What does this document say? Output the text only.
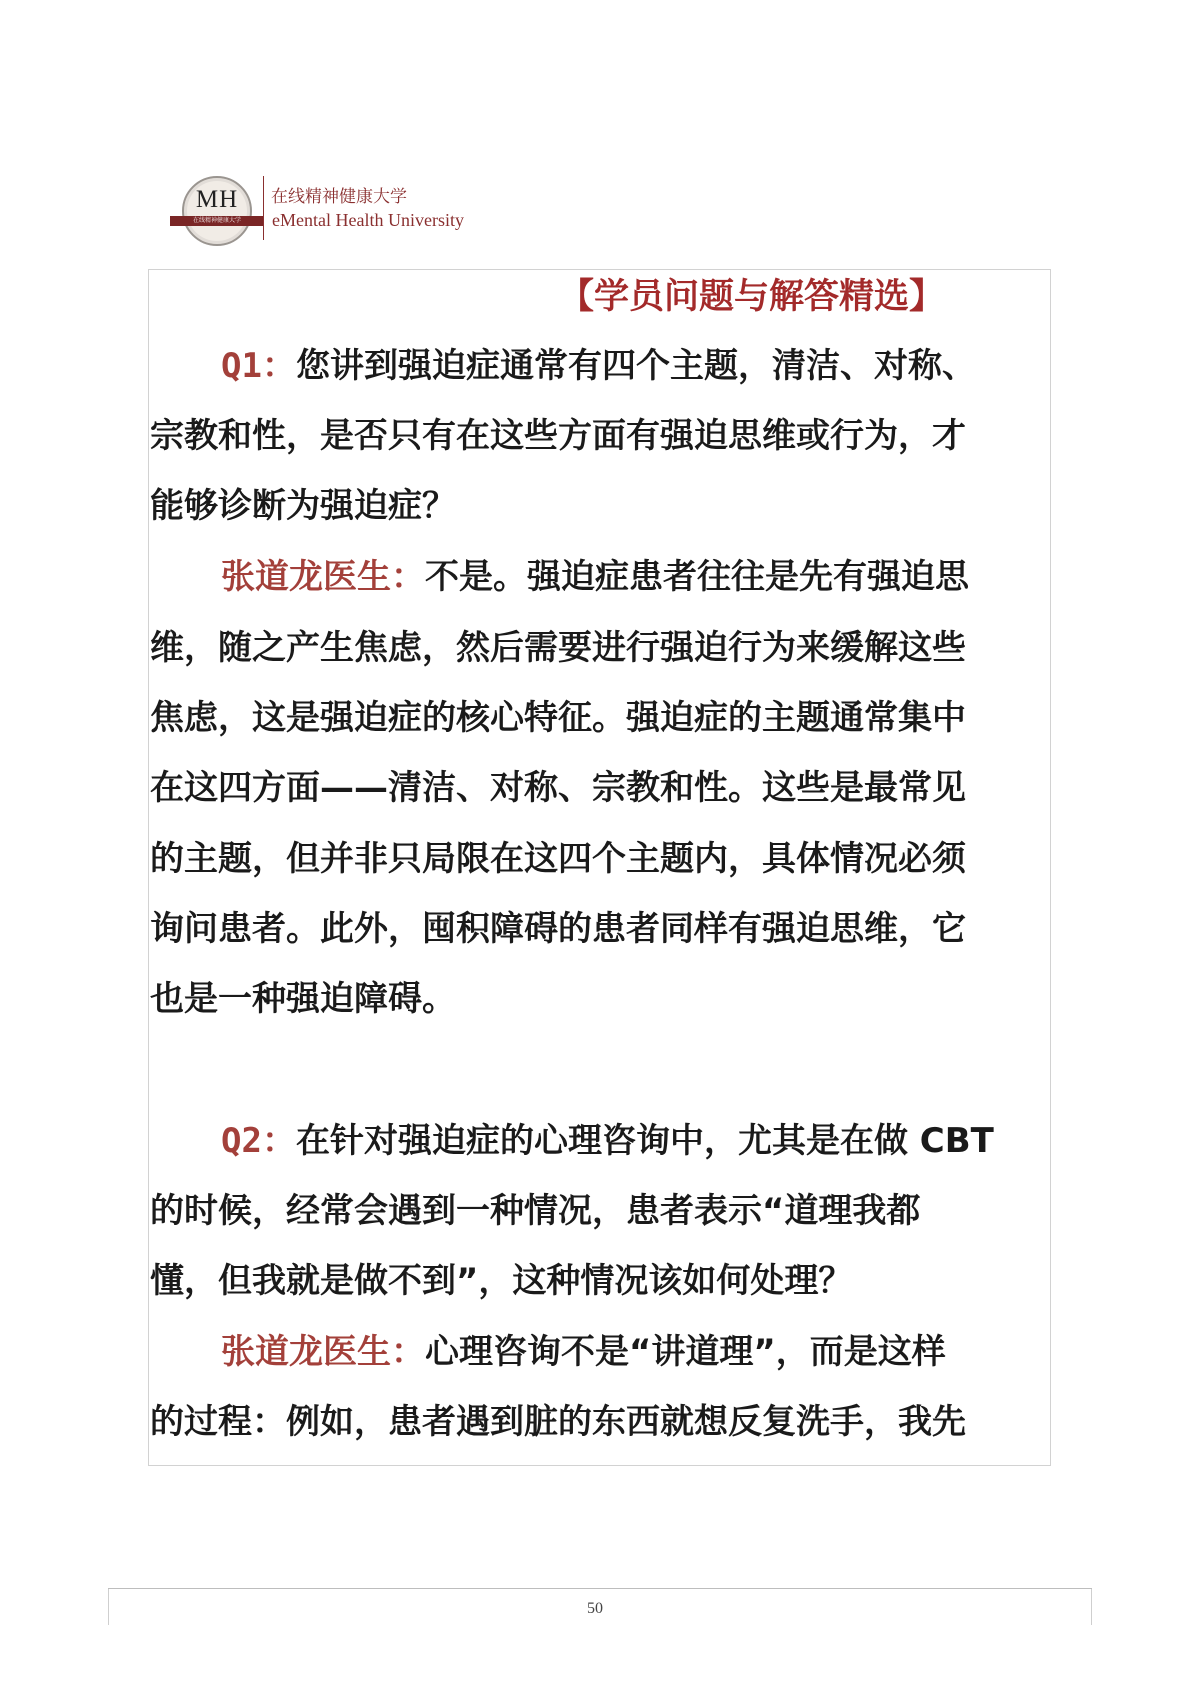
MH
在线精神健康大学
在线精神健康大学
eMental Health University
【学员问题与解答精选】
Q1：您讲到强迫症通常有四个主题，清洁、对称、
宗教和性，是否只有在这些方面有强迫思维或行为，才
能够诊断为强迫症？
张道龙医生：不是。强迫症患者往往是先有强迫思
维，随之产生焦虑，然后需要进行强迫行为来缓解这些
焦虑，这是强迫症的核心特征。强迫症的主题通常集中
在这四方面——清洁、对称、宗教和性。这些是最常见
的主题，但并非只局限在这四个主题内，具体情况必须
询问患者。此外，囤积障碍的患者同样有强迫思维，它
也是一种强迫障碍。
Q2：在针对强迫症的心理咨询中，尤其是在做 CBT
的时候，经常会遇到一种情况，患者表示“道理我都
懂，但我就是做不到”，这种情况该如何处理？
张道龙医生：心理咨询不是“讲道理”，而是这样
的过程：例如，患者遇到脏的东西就想反复洗手，我先
50
